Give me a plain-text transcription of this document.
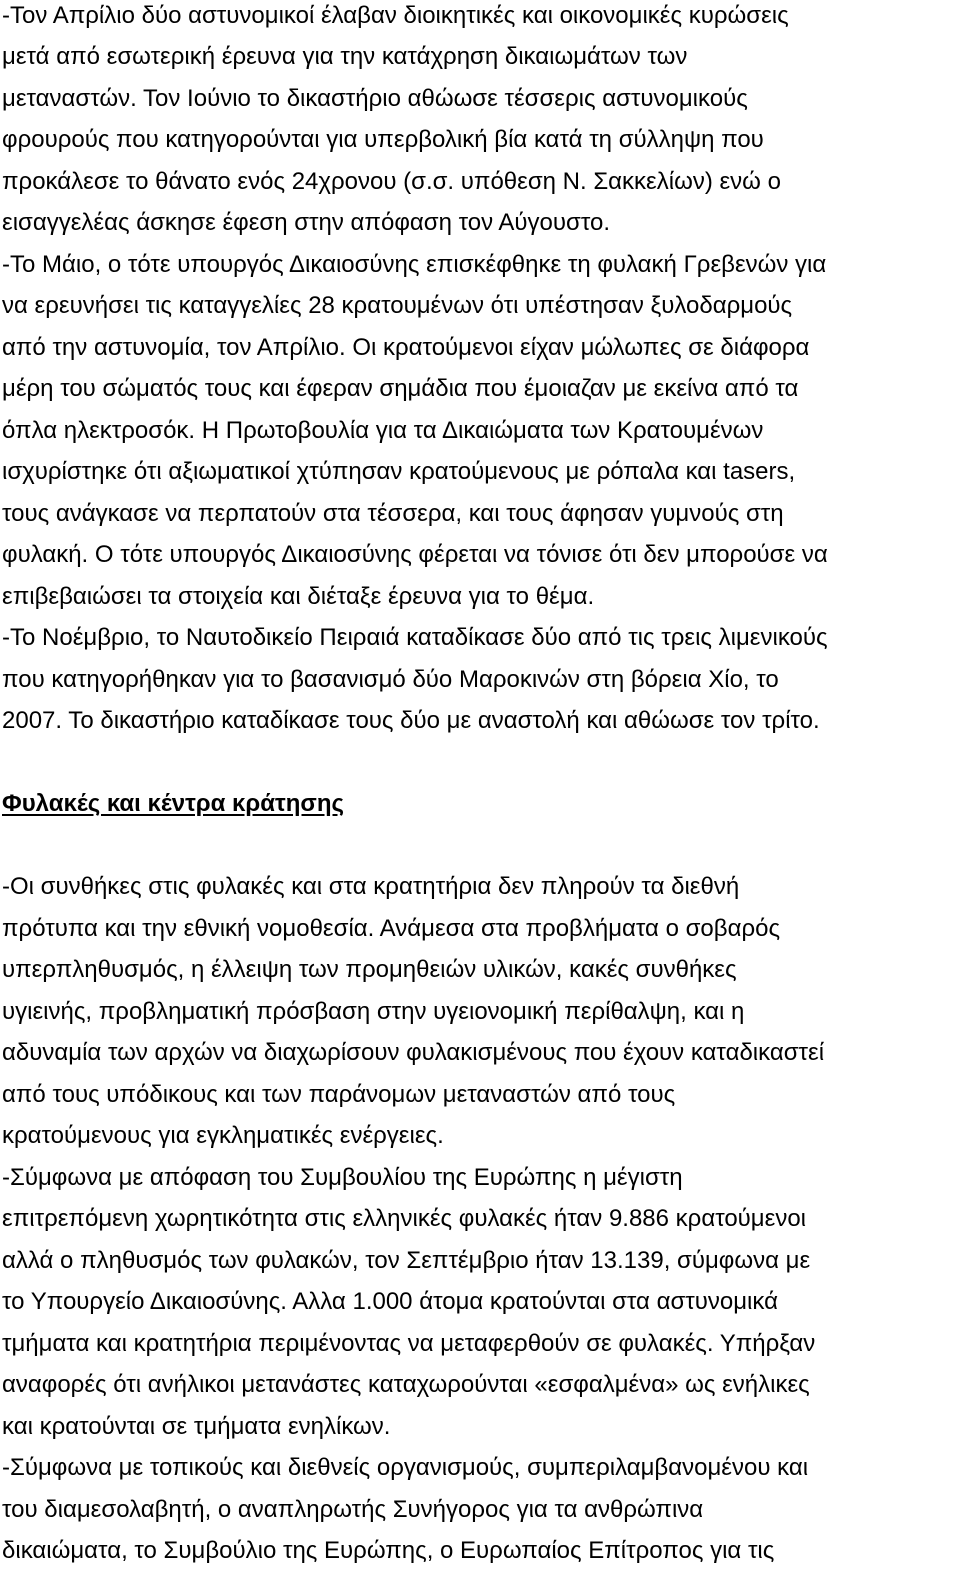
-Τον Απρίλιο δύο αστυνομικοί έλαβαν διοικητικές και οικονομικές κυρώσεις
μετά από εσωτερική έρευνα για την κατάχρηση δικαιωμάτων των
μεταναστών. Τον Ιούνιο το δικαστήριο αθώωσε τέσσερις αστυνομικούς
φρουρούς που κατηγορούνται για υπερβολική βία κατά τη σύλληψη που
προκάλεσε το θάνατο ενός 24χρονου (σ.σ. υπόθεση Ν. Σακκελίων) ενώ ο
εισαγγελέας άσκησε έφεση στην απόφαση τον Αύγουστο.
-Το Μάιο, ο τότε υπουργός Δικαιοσύνης επισκέφθηκε τη φυλακή Γρεβενών για
να ερευνήσει τις καταγγελίες 28 κρατουμένων ότι υπέστησαν ξυλοδαρμούς
από την αστυνομία, τον Απρίλιο. Οι κρατούμενοι είχαν μώλωπες σε διάφορα
μέρη του σώματός τους και έφεραν σημάδια που έμοιαζαν με εκείνα από τα
όπλα ηλεκτροσόκ. Η Πρωτοβουλία για τα Δικαιώματα των Κρατουμένων
ισχυρίστηκε ότι αξιωματικοί χτύπησαν κρατούμενους με ρόπαλα και tasers,
τους ανάγκασε να περπατούν στα τέσσερα, και τους άφησαν γυμνούς στη
φυλακή. Ο τότε υπουργός Δικαιοσύνης φέρεται να τόνισε ότι δεν μπορούσε να
επιβεβαιώσει τα στοιχεία και διέταξε έρευνα για το θέμα.
-Το Νοέμβριο, το Ναυτοδικείο Πειραιά καταδίκασε δύο από τις τρεις λιμενικούς
που κατηγορήθηκαν για το βασανισμό δύο Μαροκινών στη βόρεια Χίο, το
2007. Το δικαστήριο καταδίκασε τους δύο με αναστολή και αθώωσε τον τρίτο.
Φυλακές και κέντρα κράτησης
-Οι συνθήκες στις φυλακές και στα κρατητήρια δεν πληρούν τα διεθνή
πρότυπα και την εθνική νομοθεσία. Ανάμεσα στα προβλήματα ο σοβαρός
υπερπληθυσμός, η έλλειψη των προμηθειών υλικών, κακές συνθήκες
υγιεινής, προβληματική πρόσβαση στην υγειονομική περίθαλψη, και η
αδυναμία των αρχών να διαχωρίσουν φυλακισμένους που έχουν καταδικαστεί
από τους υπόδικους και των παράνομων μεταναστών από τους
κρατούμενους για εγκληματικές ενέργειες.
-Σύμφωνα με απόφαση του Συμβουλίου της Ευρώπης η μέγιστη
επιτρεπόμενη χωρητικότητα στις ελληνικές φυλακές ήταν 9.886 κρατούμενοι
αλλά ο πληθυσμός των φυλακών, τον Σεπτέμβριο ήταν 13.139, σύμφωνα με
το Υπουργείο Δικαιοσύνης. Αλλα 1.000 άτομα κρατούνται στα αστυνομικά
τμήματα και κρατητήρια περιμένοντας να μεταφερθούν σε φυλακές. Υπήρξαν
αναφορές ότι ανήλικοι μετανάστες καταχωρούνται «εσφαλμένα» ως ενήλικες
και κρατούνται σε τμήματα ενηλίκων.
-Σύμφωνα με τοπικούς και διεθνείς οργανισμούς, συμπεριλαμβανομένου και
του διαμεσολαβητή, ο αναπληρωτής Συνήγορος για τα ανθρώπινα
δικαιώματα, το Συμβούλιο της Ευρώπης, ο Ευρωπαίος Επίτροπος για τις
